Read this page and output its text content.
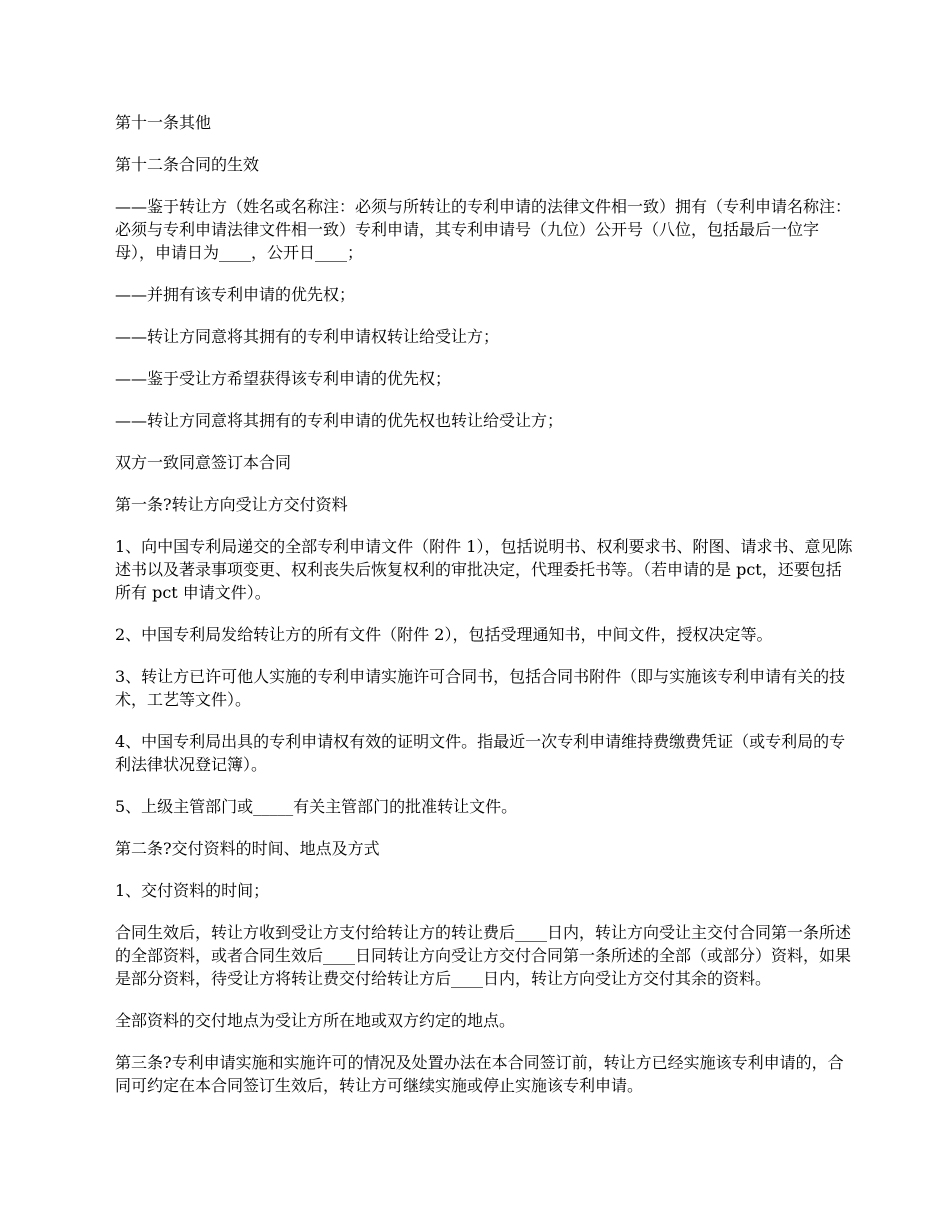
第十一条其他

第十二条合同的生效

——鉴于转让方（姓名或名称注：必须与所转让的专利申请的法律文件相一致）拥有（专利申请名称注：必须与专利申请法律文件相一致）专利申请，其专利申请号（九位）公开号（八位，包括最后一位字母），申请日为____，公开日____；

——并拥有该专利申请的优先权；

——转让方同意将其拥有的专利申请权转让给受让方；

——鉴于受让方希望获得该专利申请的优先权；

——转让方同意将其拥有的专利申请的优先权也转让给受让方；

双方一致同意签订本合同

第一条?转让方向受让方交付资料

1、向中国专利局递交的全部专利申请文件（附件 1），包括说明书、权利要求书、附图、请求书、意见陈述书以及著录事项变更、权利丧失后恢复权利的审批决定，代理委托书等。（若申请的是 pct，还要包括所有 pct 申请文件）。

2、中国专利局发给转让方的所有文件（附件 2），包括受理通知书，中间文件，授权决定等。

3、转让方已许可他人实施的专利申请实施许可合同书，包括合同书附件（即与实施该专利申请有关的技术，工艺等文件）。

4、中国专利局出具的专利申请权有效的证明文件。指最近一次专利申请维持费缴费凭证（或专利局的专利法律状况登记簿）。

5、上级主管部门或_____有关主管部门的批准转让文件。

第二条?交付资料的时间、地点及方式

1、交付资料的时间；

合同生效后，转让方收到受让方支付给转让方的转让费后____日内，转让方向受让主交付合同第一条所述的全部资料，或者合同生效后____日同转让方向受让方交付合同第一条所述的全部（或部分）资料，如果是部分资料，待受让方将转让费交付给转让方后____日内，转让方向受让方交付其余的资料。

全部资料的交付地点为受让方所在地或双方约定的地点。

第三条?专利申请实施和实施许可的情况及处置办法在本合同签订前，转让方已经实施该专利申请的，合同可约定在本合同签订生效后，转让方可继续实施或停止实施该专利申请。
